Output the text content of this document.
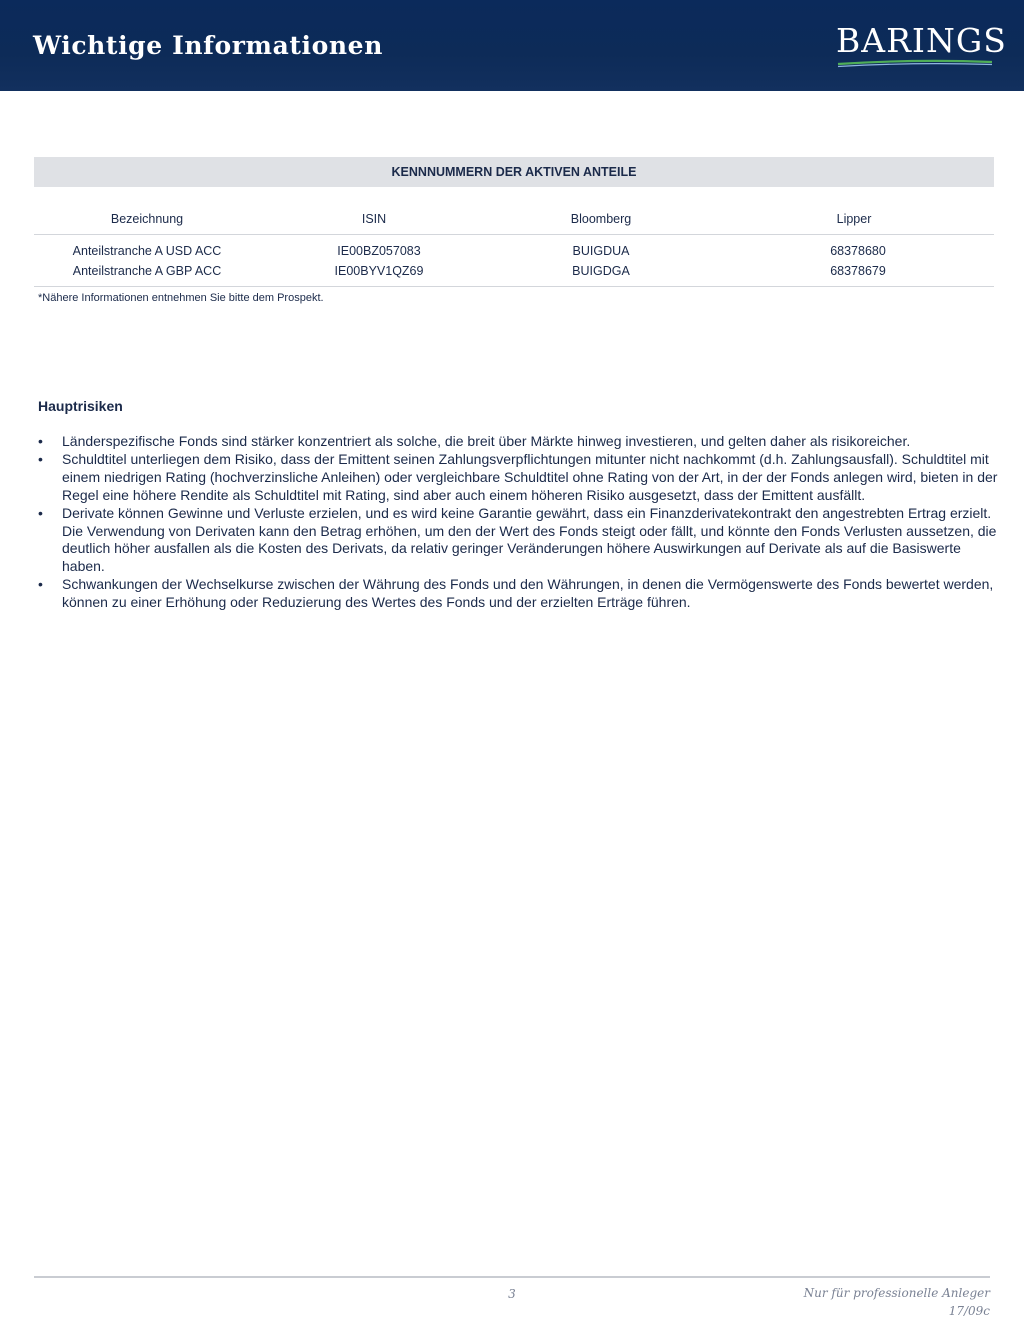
Wichtige Informationen	BARINGS
KENNNUMMERN DER AKTIVEN ANTEILE
Bezeichnung	ISIN	Bloomberg	Lipper
Anteilstranche A USD ACC	IE00BZ057083	BUIGDUA	68378680
Anteilstranche A GBP ACC	IE00BYV1QZ69	BUIGDGA	68378679
*Nähere Informationen entnehmen Sie bitte dem Prospekt.
Hauptrisiken
• Länderspezifische Fonds sind stärker konzentriert als solche, die breit über Märkte hinweg investieren, und gelten daher als risikoreicher.
• Schuldtitel unterliegen dem Risiko, dass der Emittent seinen Zahlungsverpflichtungen mitunter nicht nachkommt (d.h. Zahlungsausfall). Schuldtitel mit einem niedrigen Rating (hochverzinsliche Anleihen) oder vergleichbare Schuldtitel ohne Rating von der Art, in der der Fonds anlegen wird, bieten in der Regel eine höhere Rendite als Schuldtitel mit Rating, sind aber auch einem höheren Risiko ausgesetzt, dass der Emittent ausfällt.
• Derivate können Gewinne und Verluste erzielen, und es wird keine Garantie gewährt, dass ein Finanzderivatekontrakt den angestrebten Ertrag erzielt. Die Verwendung von Derivaten kann den Betrag erhöhen, um den der Wert des Fonds steigt oder fällt, und könnte den Fonds Verlusten aussetzen, die deutlich höher ausfallen als die Kosten des Derivats, da relativ geringer Veränderungen höhere Auswirkungen auf Derivate als auf die Basiswerte haben.
• Schwankungen der Wechselkurse zwischen der Währung des Fonds und den Währungen, in denen die Vermögenswerte des Fonds bewertet werden, können zu einer Erhöhung oder Reduzierung des Wertes des Fonds und der erzielten Erträge führen.
3	Nur für professionelle Anleger
17/09c
